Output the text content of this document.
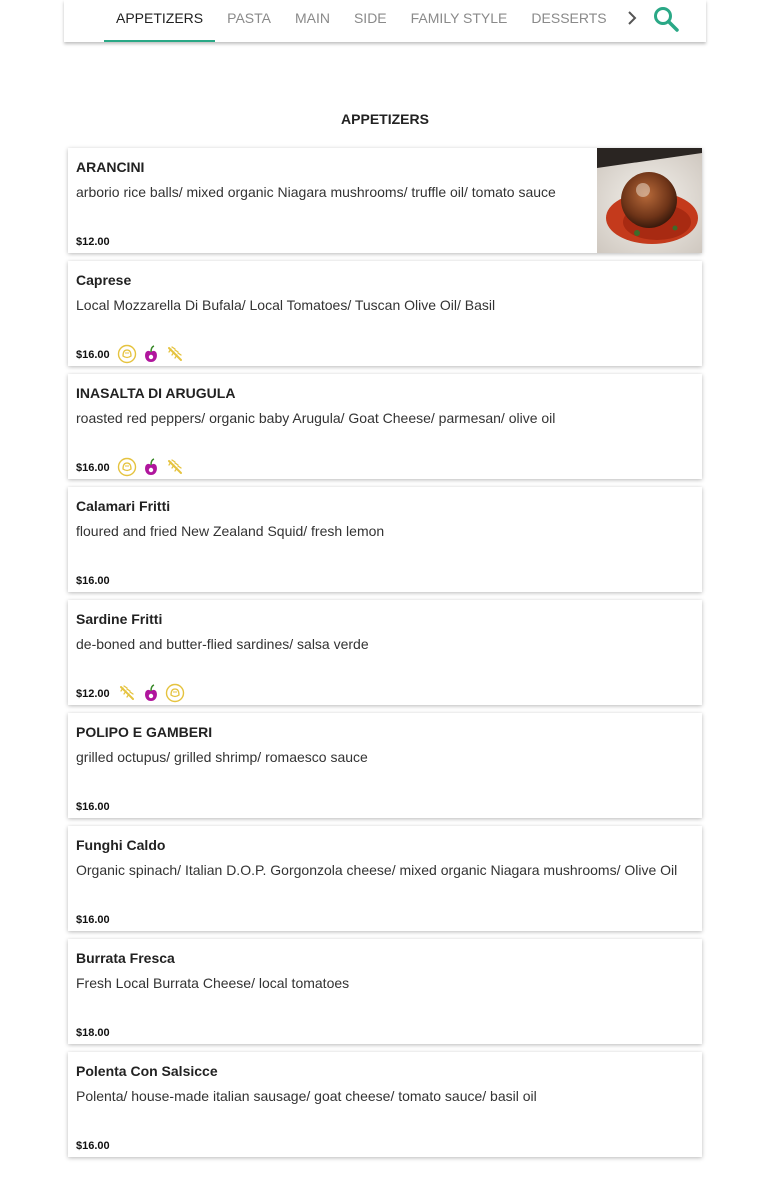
APPETIZERS	PASTA	MAIN	SIDE	FAMILY STYLE	DESSERTS
APPETIZERS
ARANCINI
arborio rice balls/ mixed organic Niagara mushrooms/ truffle oil/ tomato sauce
$12.00
Caprese
Local Mozzarella Di Bufala/ Local Tomatoes/ Tuscan Olive Oil/ Basil
$16.00
INASALTA DI ARUGULA
roasted red peppers/ organic baby Arugula/ Goat Cheese/ parmesan/ olive oil
$16.00
Calamari Fritti
floured and fried New Zealand Squid/ fresh lemon
$16.00
Sardine Fritti
de-boned and butter-flied sardines/ salsa verde
$12.00
POLIPO E GAMBERI
grilled octupus/ grilled shrimp/ romaesco sauce
$16.00
Funghi Caldo
Organic spinach/ Italian D.O.P. Gorgonzola cheese/ mixed organic Niagara mushrooms/ Olive Oil
$16.00
Burrata Fresca
Fresh Local Burrata Cheese/ local tomatoes
$18.00
Polenta Con Salsicce
Polenta/ house-made italian sausage/ goat cheese/ tomato sauce/ basil oil
$16.00
